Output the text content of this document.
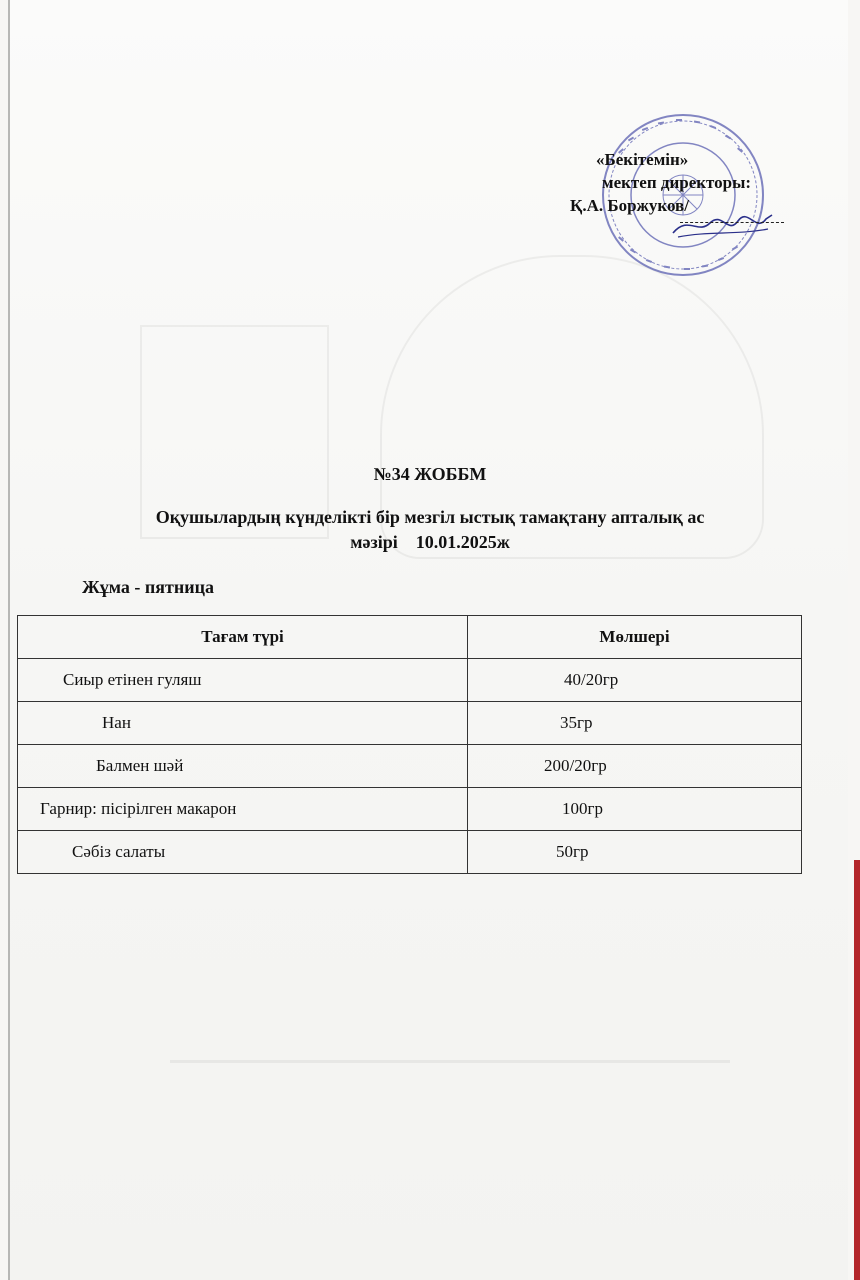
«Бекітемін»
мектеп директоры:
Қ.А. Боржуков/
№34 ЖОББМ
Оқушылардың күнделікті бір мезгіл ыстық тамақтану апталық ас
мәзірі 10.01.2025ж
Жұма - пятница
Тағам түрі	Мөлшері
Сиыр етінен гуляш	40/20гр
Нан	35гр
Балмен шәй	200/20гр
Гарнир: пісірілген макарон	100гр
Сәбіз салаты	50гр
